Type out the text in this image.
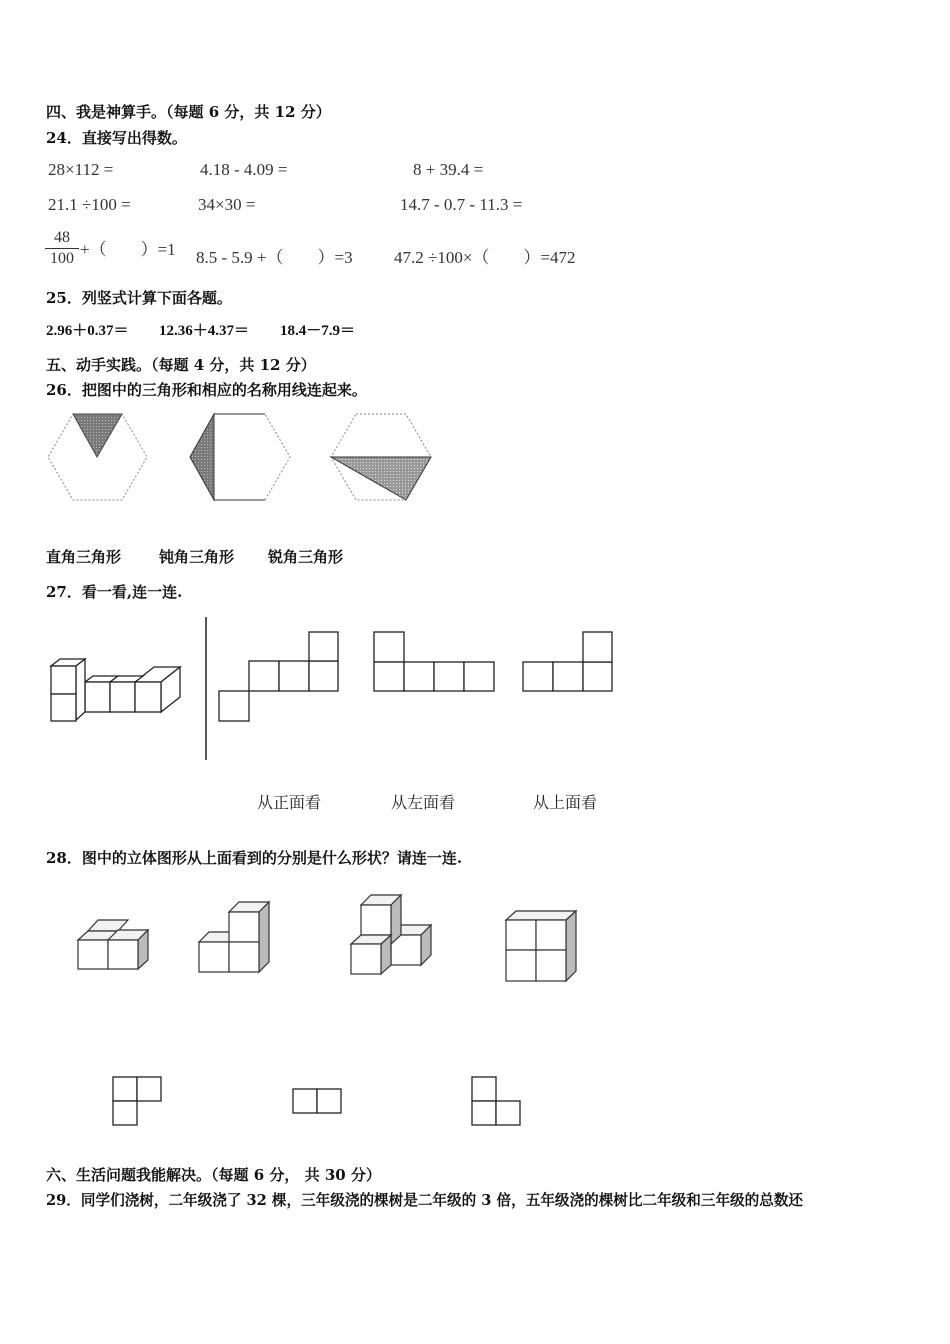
四、我是神算手。（每题 6 分，共 12 分）
24．直接写出得数。
28×112 =	4.18 - 4.09 =	8 + 39.4 =
21.1 ÷100 =	34×30 =	14.7 - 0.7 - 11.3 =
48
100 +（　　）=1 8.5 - 5.9 +（　　）=3 47.2 ÷100×（　　）=472
25．列竖式计算下面各题。
2.96＋0.37＝ 12.36＋4.37＝ 18.4－7.9＝
五、动手实践。（每题 4 分，共 12 分）
26．把图中的三角形和相应的名称用线连起来。
直角三角形	钝角三角形 锐角三角形
27．看一看,连一连.
从正面看	从左面看	从上面看
28．图中的立体图形从上面看到的分别是什么形状？请连一连.
六、生活问题我能解决。（每题 6 分， 共 30 分）
29．同学们浇树，二年级浇了 32 棵，三年级浇的棵树是二年级的 3 倍，五年级浇的棵树比二年级和三年级的总数还
